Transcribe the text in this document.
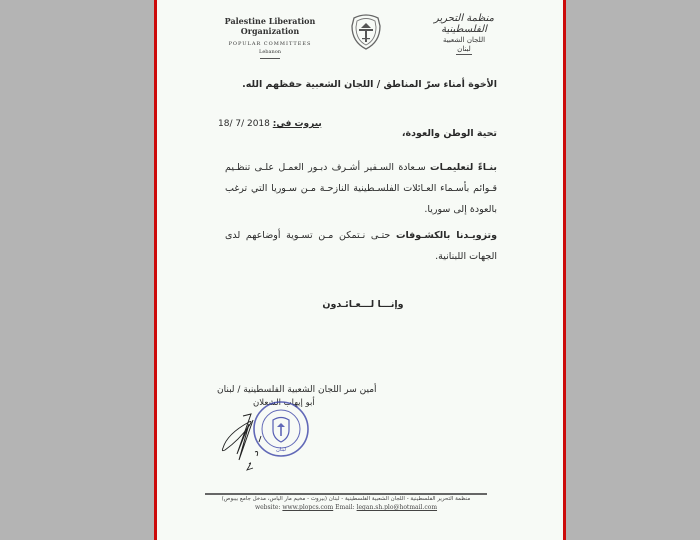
Palestine Liberation Organization
POPULAR COMMITTEES
Lebanon
منظمة التحرير الفلسطينية
اللجان الشعبية
لبنان
الأخوة أمناء سرّ المناطق / اللجان الشعبية حفظهم الله.
18/ 7/ 2018 بيروت في:
تحية الوطن والعودة،
بنـاءً لتعليمـات سـعادة السـفير أشـرف دبـور العمـل علـى تنظـيم قـوائم بأسـماء العـائلات الفلسـطينية النازحـة مـن سـوريا التي ترغب بالعودة إلى سوريا.
وتزويـدنا بالكشـوفات حتـى نـتمكن مـن تسـوية أوضاعهم لدى الجهات اللبنانية.
وإنـــا لـــعـائـدون
أمين سر اللجان الشعبية الفلسطينية / لبنان
أبو إيهاب الشعلان
لبنان
منظمة التحرير الفلسطينية - اللجان الشعبية الفلسطينية - لبنان (بيروت - مخيم مار الياس، مدخل جامع بيبوص)
website: www.plopcs.com Email: legan.sh.plo@hotmail.com
